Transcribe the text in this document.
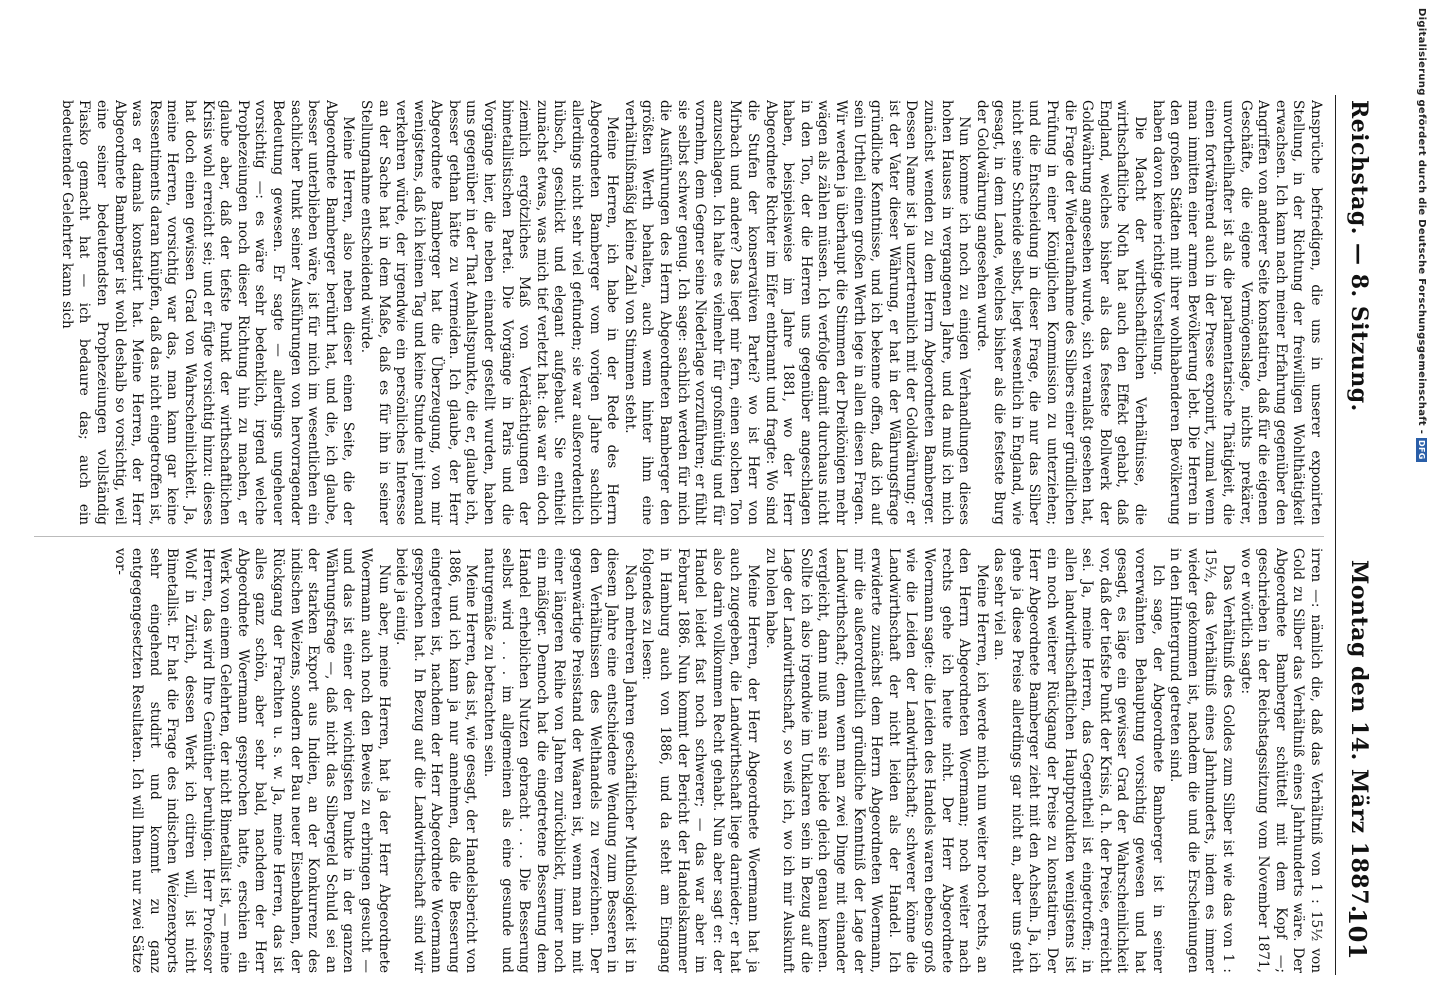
Reichstag. — 8. Sitzung.
Montag den 14. März 1887.
101

Ansprüche befriedigen, die uns in unserer exponirten Stellung, in der Richtung der freiwilligen Wohlthätigkeit erwachsen. Ich kann nach meiner Erfahrung gegenüber den Angriffen von anderer Seite konstatiren, daß für die eigenen Geschäfte, die eigene Vermögenslage, nichts prekärer, unvortheilhafter ist als die parlamentarische Thätigkeit, die einen fortwährend auch in der Presse exponirt, zumal wenn man inmitten einer armen Bevölkerung lebt. Die Herren in den großen Städten mit ihrer wohlhabenderen Bevölkerung haben davon keine richtige Vorstellung.

Die Macht der wirthschaftlichen Verhältnisse, die wirthschaftliche Noth hat auch den Effekt gehabt, daß England, welches bisher als das festeste Bollwerk der Goldwährung angesehen wurde, sich veranlaßt gesehen hat, die Frage der Wiederaufnahme des Silbers einer gründlichen Prüfung in einer Königlichen Kommission zu unterziehen; und die Entscheidung in dieser Frage, die nur das Silber nicht seine Schneide selbst, liegt wesentlich in England, wie gesagt, in dem Lande, welches bisher als die festeste Burg der Goldwährung angesehen wurde.

Nun komme ich noch zu einigen Verhandlungen dieses hohen Hauses in vergangenen Jahre, und da muß ich mich zunächst wenden zu dem Herrn Abgeordneten Bamberger. Dessen Name ist ja unzertrennlich mit der Goldwährung; er ist der Vater dieser Währung, er hat in der Währungsfrage gründliche Kenntnisse, und ich bekenne offen, daß ich auf sein Urtheil einen großen Werth lege in allen diesen Fragen. Wir werden ja überhaupt die Stimmen der Dreikönigen mehr wägen als zählen müssen. Ich verfolge damit durchaus nicht in den Ton, der die Herren uns gegenüber angeschlagen haben, beispielsweise im Jahre 1881, wo der Herr Abgeordnete Richter im Eifer entbrannt und fragte: Wo sind die Stufen der konservativen Partei? wo ist Herr von Mirbach und andere? Das liegt mir fern, einen solchen Ton anzuschlagen. Ich halte es vielmehr für großmüthig und für vornehm, dem Gegner seine Niederlage vorzuführen; er fühlt sie selbst schwer genug. Ich sage: sachlich werden für mich die Ausführungen des Herrn Abgeordneten Bamberger den größten Werth behalten, auch wenn hinter ihm eine verhältnißmäßig kleine Zahl von Stimmen steht.

Meine Herren, ich habe in der Rede des Herrn Abgeordneten Bamberger vom vorigen Jahre sachlich allerdings nicht sehr viel gefunden; sie war außerordentlich hübsch, geschickt und elegant aufgebaut. Sie enthielt zunächst etwas, was mich tief verletzt hat: das war ein doch ziemlich ergötzliches Maß von Verdächtigungen der bimetallistischen Partei. Die Vorgänge in Paris und die Vorgänge hier, die neben einander gestellt wurden, haben uns gegenüber in der That Anhaltspunkte, die er, glaube ich, besser gethan hätte zu vermeiden. Ich glaube, der Herr Abgeordnete Bamberger hat die Überzeugung, von mir wenigstens, daß ich keinen Tag und keine Stunde mit jemand verkehren würde, der irgendwie ein persönliches Interesse an der Sache hat in dem Maße, daß es für ihn in seiner Stellungnahme entscheidend würde.

Meine Herren, also neben dieser einen Seite, die der Abgeordnete Bamberger berührt hat, und die, ich glaube, besser unterblieben wäre, ist für mich im wesentlichen ein sachlicher Punkt seiner Ausführungen von hervorragender Bedeutung gewesen. Er sagte — allerdings ungeheuer vorsichtig —: es wäre sehr bedenklich, irgend welche Prophezeiungen noch dieser Richtung hin zu machen, er glaube aber, daß der tiefste Punkt der wirthschaftlichen Krisis wohl erreicht sei; und er fügte vorsichtig hinzu: dieses hat doch einen gewissen Grad von Wahrscheinlichkeit. Ja, meine Herren, vorsichtig war das, man kann gar keine Ressentiments daran knüpfen, daß das nicht eingetroffen ist, was er damals konstatirt hat. Meine Herren, der Herr Abgeordnete Bamberger ist wohl deshalb so vorsichtig, weil eine seiner bedeutendsten Prophezeiungen vollständig Fiasko gemacht hat — ich bedaure das; auch ein bedeutender Gelehrter kann sich

irren —: nämlich die, daß das Verhältniß von 1 : 15½ von Gold zu Silber das Verhältniß eines Jahrhunderts wäre. Der Abgeordnete Bamberger schüttelt mit dem Kopf —; geschrieben in der Reichstagssitzung vom November 1871, wo er wörtlich sagte:

Das Verhältniß des Goldes zum Silber ist wie das von 1 : 15½, das Verhältniß eines Jahrhunderts, indem es immer wieder gekommen ist, nachdem die und die Erscheinungen in den Hintergrund getreten sind.

Ich sage, der Abgeordnete Bamberger ist in seiner vorerwähnten Behauptung vorsichtig gewesen und hat gesagt, es läge ein gewisser Grad der Wahrscheinlichkeit vor, daß der tiefste Punkt der Krisis, d. h. der Preise, erreicht sei. Ja, meine Herren, das Gegentheil ist eingetroffen; in allen landwirthschaftlichen Hauptprodukten wenigstens ist ein noch weiterer Rückgang der Preise zu konstatiren. Der Herr Abgeordnete Bamberger zieht mit den Achseln. Ja, ich gehe ja diese Preise allerdings gar nicht an, aber uns geht das sehr viel an.

Meine Herren, ich werde mich nun weiter noch rechts, an den Herrn Abgeordneten Woermann; noch weiter nach rechts gehe ich heute nicht. Der Herr Abgeordnete Woermann sagte: die Leiden des Handels waren ebenso groß wie die Leiden der Landwirthschaft; schwerer könne die Landwirthschaft der nicht leiden als der Handel. Ich erwiderte zunächst dem Herrn Abgeordneten Woermann, mir die außerordentlich gründliche Kenntniß der Lage der Landwirthschaft; denn wenn man zwei Dinge mit einander vergleicht, dann muß man sie beide gleich genau kennen. Sollte ich also irgendwie im Unklaren sein in Bezug auf die Lage der Landwirthschaft, so weiß ich, wo ich mir Auskunft zu holen habe.

Meine Herren, der Herr Abgeordnete Woermann hat ja auch zugegeben, die Landwirthschaft liege darnieder; er hat also darin vollkommen Recht gehabt. Nun aber sagt er: der Handel leidet fast noch schwerer; — das war aber im Februar 1886. Nun kommt der Bericht der Handelskammer in Hamburg auch von 1886, und da steht am Eingang folgendes zu lesen:

Nach mehreren Jahren geschäftlicher Muthlosigkeit ist in diesem Jahre eine entschiedene Wendung zum Besseren in den Verhältnissen des Welthandels zu verzeichnen. Der gegenwärtige Preisstand der Waaren ist, wenn man ihn mit einer längeren Reihe von Jahren zurückblickt, immer noch ein mäßiger. Dennoch hat die eingetretene Besserung dem Handel erheblichen Nutzen gebracht . . . Die Besserung selbst wird . . . im allgemeinen als eine gesunde und naturgemäße zu betrachten sein.

Meine Herren, das ist, wie gesagt, der Handelsbericht von 1886, und ich kann ja nur annehmen, daß die Besserung eingetreten ist, nachdem der Herr Abgeordnete Woermann gesprochen hat. In Bezug auf die Landwirthschaft sind wir beide ja einig.

Nun aber, meine Herren, hat ja der Herr Abgeordnete Woermann auch noch den Beweis zu erbringen gesucht — und das ist einer der wichtigsten Punkte in der ganzen Währungsfrage —, daß nicht das Silbergeld Schuld sei an der starken Export aus Indien, an der Konkurrenz des indischen Weizens, sondern der Bau neuer Eisenbahnen, der Rückgang der Frachten u. s. w. Ja, meine Herren, das ist alles ganz schön, aber sehr bald, nachdem der Herr Abgeordnete Woermann gesprochen hatte, erschien ein Werk von einem Gelehrten, der nicht Bimetallist ist, — meine Herren, das wird Ihre Gemüther beruhigen. Herr Professor Wolf in Zürich, dessen Werk ich citiren will, ist nicht Bimetallist. Er hat die Frage des indischen Weizenexports sehr eingehend studirt und kommt zu ganz entgegengesetzten Resultaten. Ich will Ihnen nur zwei Sätze vor-

Digitalisierung gefördert durch die Deutsche Forschungsgemeinschaft - DFG
